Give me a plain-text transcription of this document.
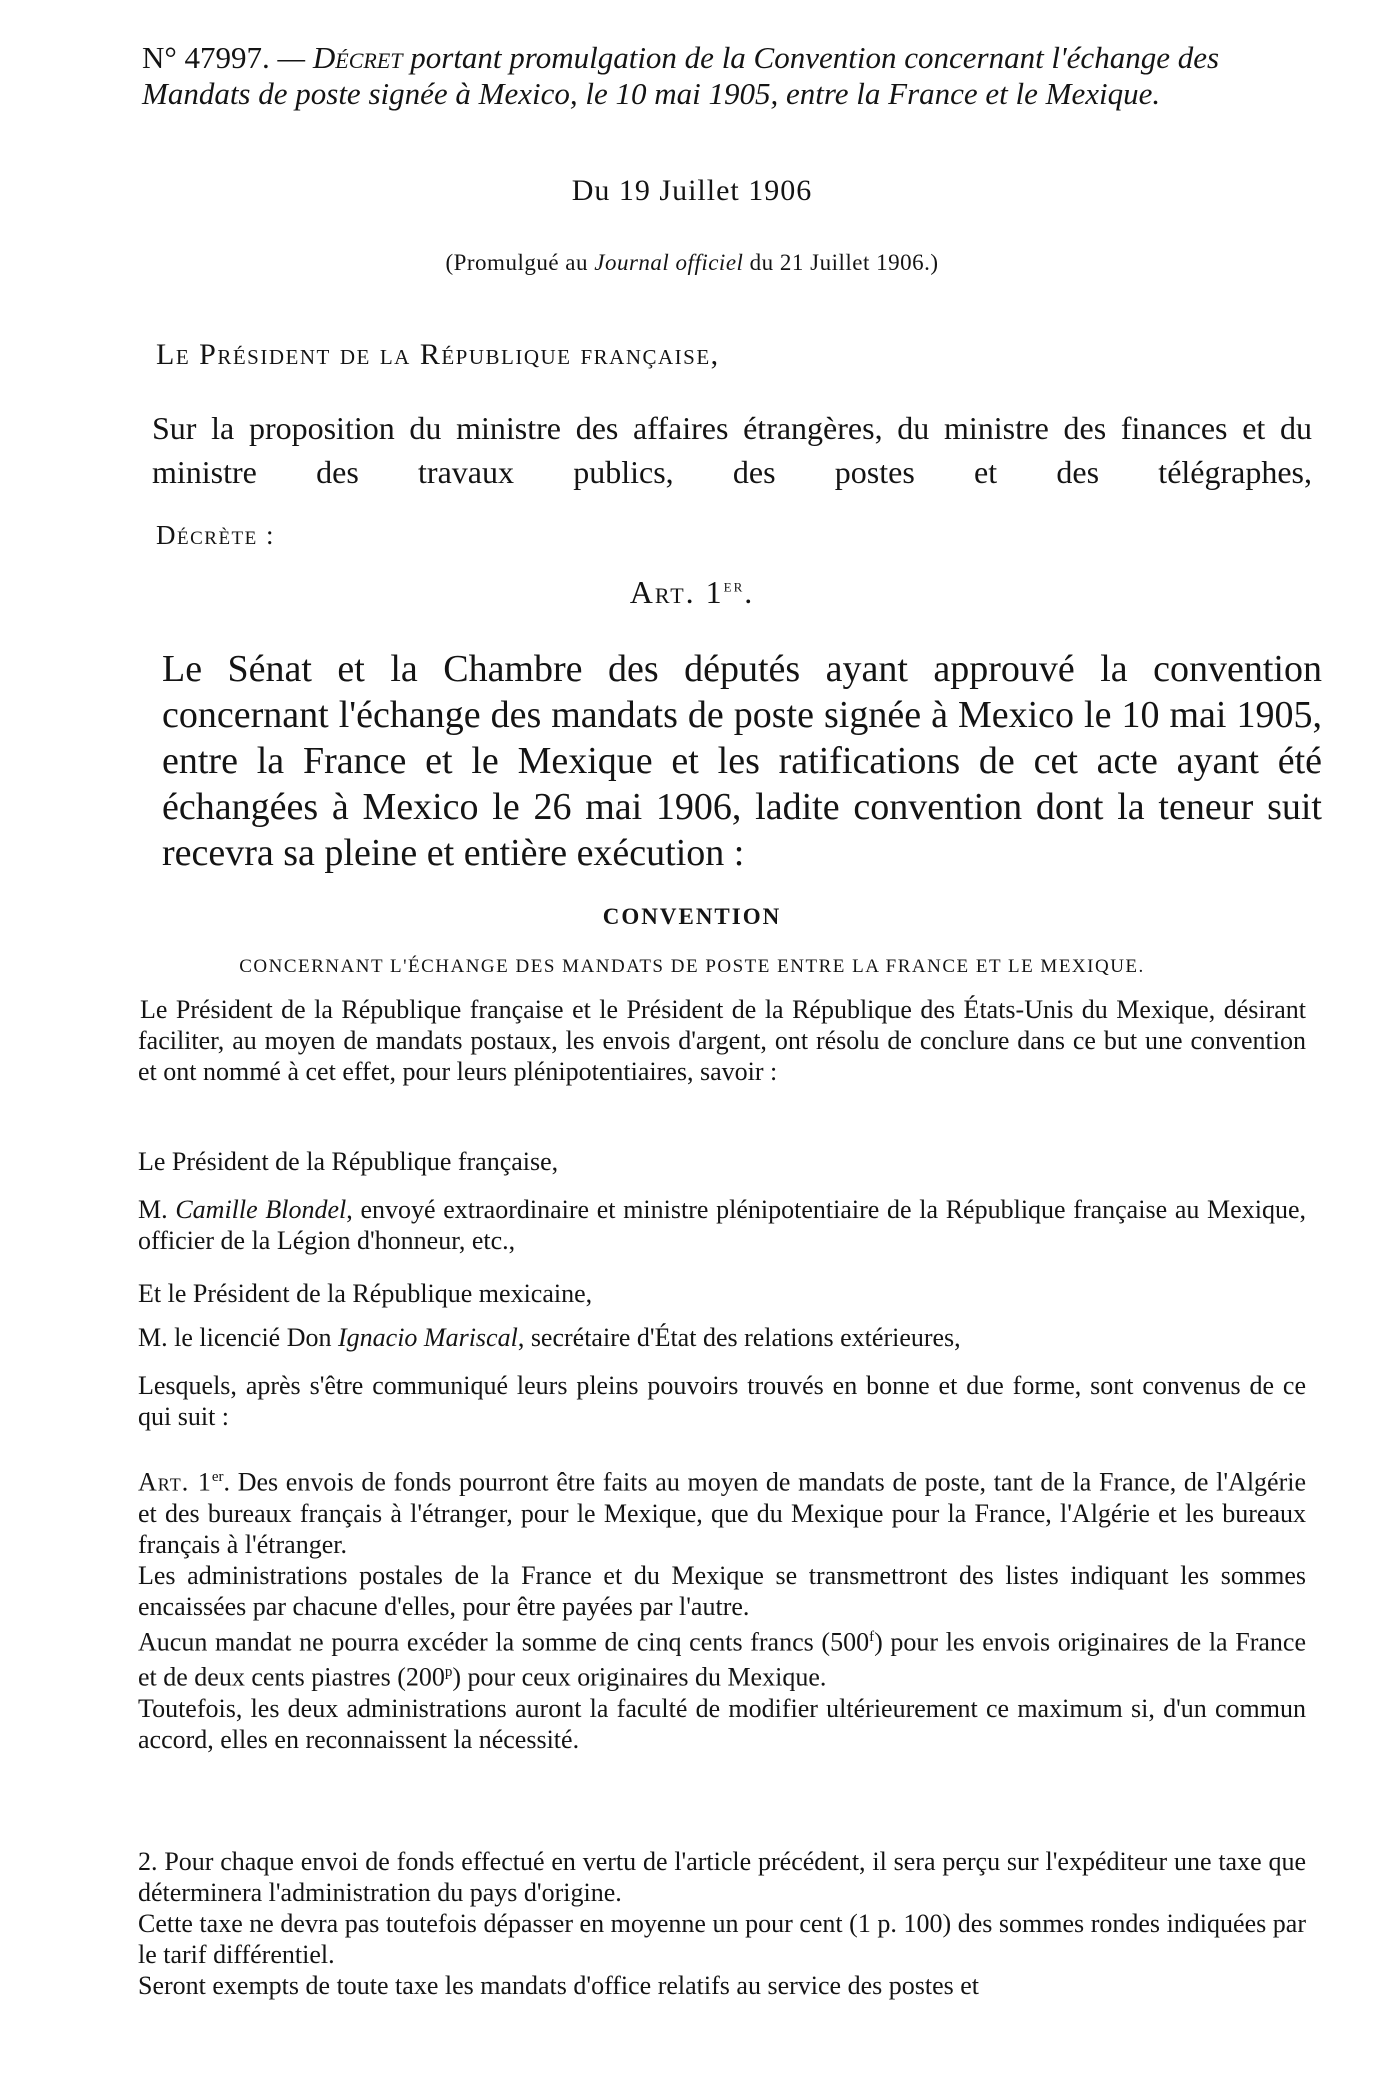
N° 47997. — Décret portant promulgation de la Convention concernant l'échange des Mandats de poste signée à Mexico, le 10 mai 1905, entre la France et le Mexique.
Du 19 Juillet 1906
(Promulgué au Journal officiel du 21 Juillet 1906.)
Le Président de la République française,
Sur la proposition du ministre des affaires étrangères, du ministre des finances et du ministre des travaux publics, des postes et des télégraphes,
Décrète :
Art. 1er.

Le Sénat et la Chambre des députés ayant approuvé la convention concernant l'échange des mandats de poste signée à Mexico le 10 mai 1905, entre la France et le Mexique et les ratifications de cet acte ayant été échangées à Mexico le 26 mai 1906, ladite convention dont la teneur suit recevra sa pleine et entière exécution :

CONVENTION
CONCERNANT L'ÉCHANGE DES MANDATS DE POSTE ENTRE LA FRANCE ET LE MEXIQUE.

Le Président de la République française et le Président de la République des États-Unis du Mexique, désirant faciliter, au moyen de mandats postaux, les envois d'argent, ont résolu de conclure dans ce but une convention et ont nommé à cet effet, pour leurs plénipotentiaires, savoir :

Le Président de la République française,
M. Camille Blondel, envoyé extraordinaire et ministre plénipotentiaire de la République française au Mexique, officier de la Légion d'honneur, etc.,
Et le Président de la République mexicaine,
M. le licencié Don Ignacio Mariscal, secrétaire d'État des relations extérieures,
Lesquels, après s'être communiqué leurs pleins pouvoirs trouvés en bonne et due forme, sont convenus de ce qui suit :

Art. 1er. Des envois de fonds pourront être faits au moyen de mandats de poste, tant de la France, de l'Algérie et des bureaux français à l'étranger, pour le Mexique, que du Mexique pour la France, l'Algérie et les bureaux français à l'étranger.

Les administrations postales de la France et du Mexique se transmettront des listes indiquant les sommes encaissées par chacune d'elles, pour être payées par l'autre.

Aucun mandat ne pourra excéder la somme de cinq cents francs (500$^f$) pour les envois originaires de la France et de deux cents piastres (200$^p$) pour ceux originaires du Mexique.

Toutefois, les deux administrations auront la faculté de modifier ultérieurement ce maximum si, d'un commun accord, elles en reconnaissent la nécessité.

2. Pour chaque envoi de fonds effectué en vertu de l'article précédent, il sera perçu sur l'expéditeur une taxe que déterminera l'administration du pays d'origine.

Cette taxe ne devra pas toutefois dépasser en moyenne un pour cent (1 p. 100) des sommes rondes indiquées par le tarif différentiel.

Seront exempts de toute taxe les mandats d'office relatifs au service des postes et
